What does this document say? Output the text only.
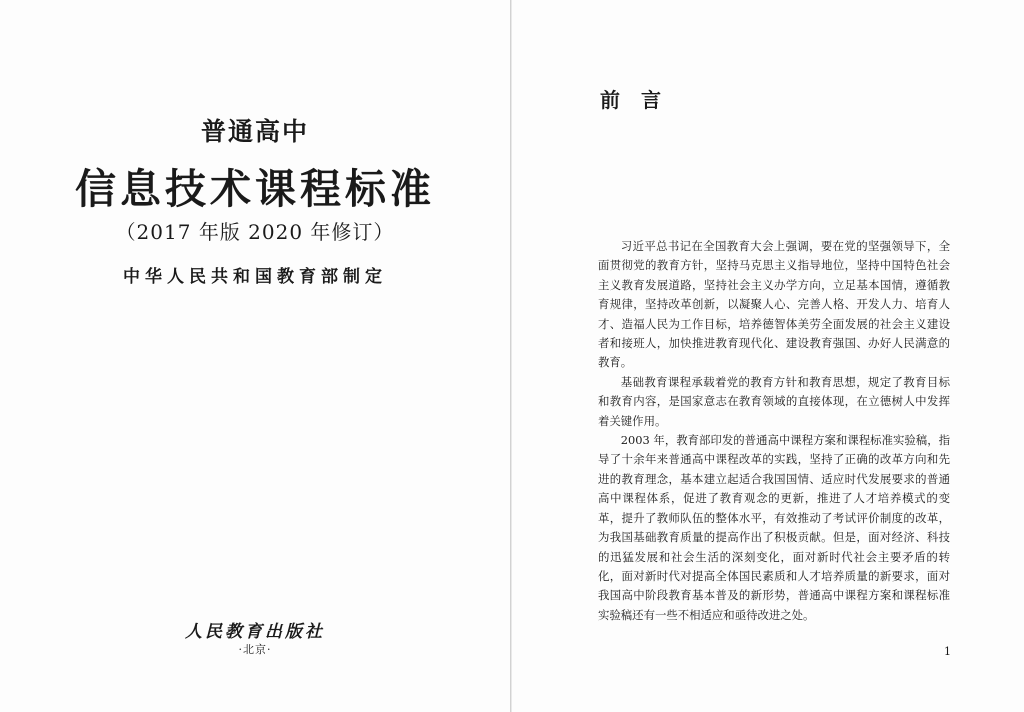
普通高中
信息技术课程标准
（2017 年版 2020 年修订）
中华人民共和国教育部制定
人民教育出版社
·北京·
前 言

习近平总书记在全国教育大会上强调，要在党的坚强领导下，全面贯彻党的教育方针，坚持马克思主义指导地位，坚持中国特色社会主义教育发展道路，坚持社会主义办学方向，立足基本国情，遵循教育规律，坚持改革创新，以凝聚人心、完善人格、开发人力、培育人才、造福人民为工作目标，培养德智体美劳全面发展的社会主义建设者和接班人，加快推进教育现代化、建设教育强国、办好人民满意的教育。

基础教育课程承载着党的教育方针和教育思想，规定了教育目标和教育内容，是国家意志在教育领域的直接体现，在立德树人中发挥着关键作用。

2003 年，教育部印发的普通高中课程方案和课程标准实验稿，指导了十余年来普通高中课程改革的实践，坚持了正确的改革方向和先进的教育理念，基本建立起适合我国国情、适应时代发展要求的普通高中课程体系，促进了教育观念的更新，推进了人才培养模式的变革，提升了教师队伍的整体水平，有效推动了考试评价制度的改革，为我国基础教育质量的提高作出了积极贡献。但是，面对经济、科技的迅猛发展和社会生活的深刻变化，面对新时代社会主要矛盾的转化，面对新时代对提高全体国民素质和人才培养质量的新要求，面对我国高中阶段教育基本普及的新形势，普通高中课程方案和课程标准实验稿还有一些不相适应和亟待改进之处。

1
